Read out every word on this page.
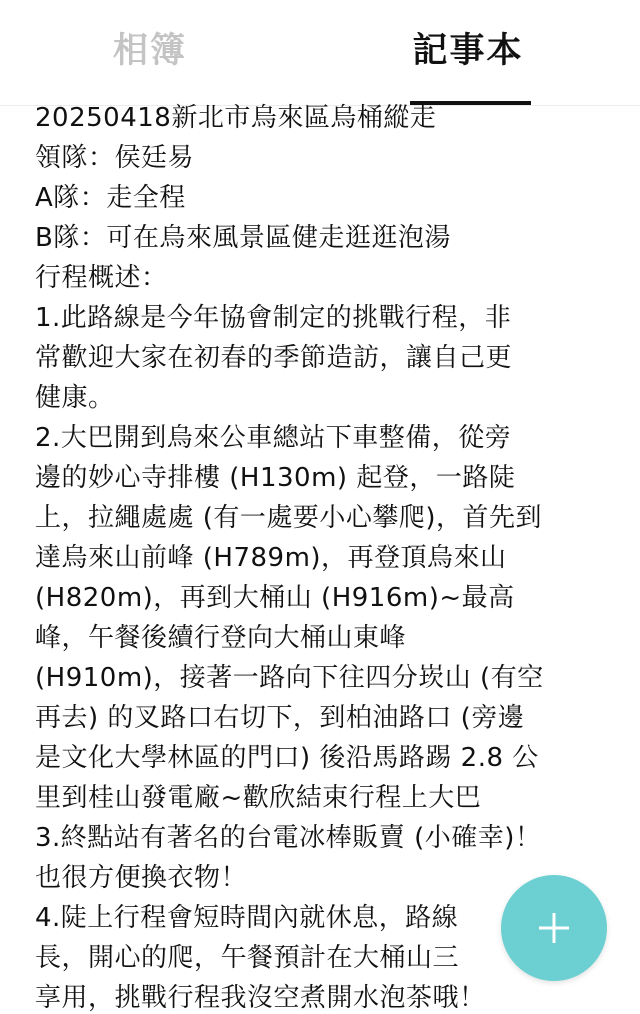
相簿	記事本

20250418新北市烏來區烏桶縱走

領隊：侯廷易

A隊：走全程

B隊：可在烏來風景區健走逛逛泡湯

行程概述：

1.此路線是今年協會制定的挑戰行程，非

常歡迎大家在初春的季節造訪，讓自己更

健康。

2.大巴開到烏來公車總站下車整備，從旁

邊的妙心寺排樓 (H130m) 起登，一路陡

上，拉繩處處 (有一處要小心攀爬)，首先到

達烏來山前峰 (H789m)，再登頂烏來山

(H820m)，再到大桶山 (H916m)~最高

峰，午餐後續行登向大桶山東峰

(H910m)，接著一路向下往四分崁山 (有空

再去) 的叉路口右切下，到柏油路口 (旁邊

是文化大學林區的門口) 後沿馬路踢 2.8 公

里到桂山發電廠~歡欣結束行程上大巴

3.終點站有著名的台電冰棒販賣 (小確幸)！

也很方便換衣物！

4.陡上行程會短時間內就休息，路線

長，開心的爬，午餐預計在大桶山三

享用，挑戰行程我沒空煮開水泡茶哦！
